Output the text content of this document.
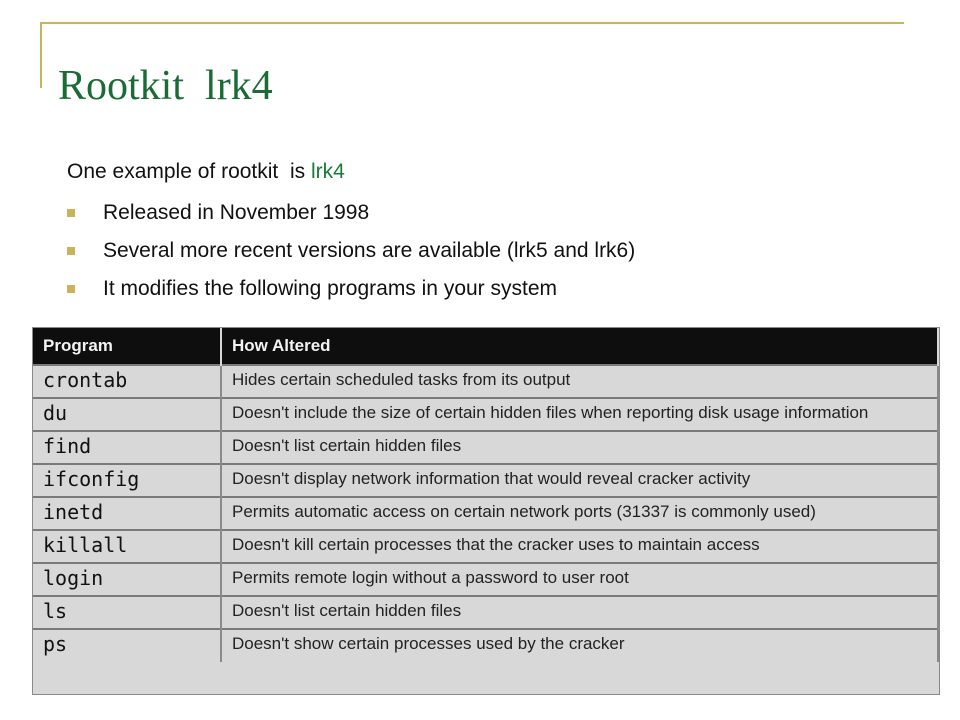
Rootkit  lrk4
One example of rootkit  is lrk4
Released in November 1998
Several more recent versions are available (lrk5 and lrk6)
It modifies the following programs in your system
Program	How Altered
crontab	Hides certain scheduled tasks from its output
du	Doesn't include the size of certain hidden files when reporting disk usage information
find	Doesn't list certain hidden files
ifconfig	Doesn't display network information that would reveal cracker activity
inetd	Permits automatic access on certain network ports (31337 is commonly used)
killall	Doesn't kill certain processes that the cracker uses to maintain access
login	Permits remote login without a password to user root
ls	Doesn't list certain hidden files
ps	Doesn't show certain processes used by the cracker
